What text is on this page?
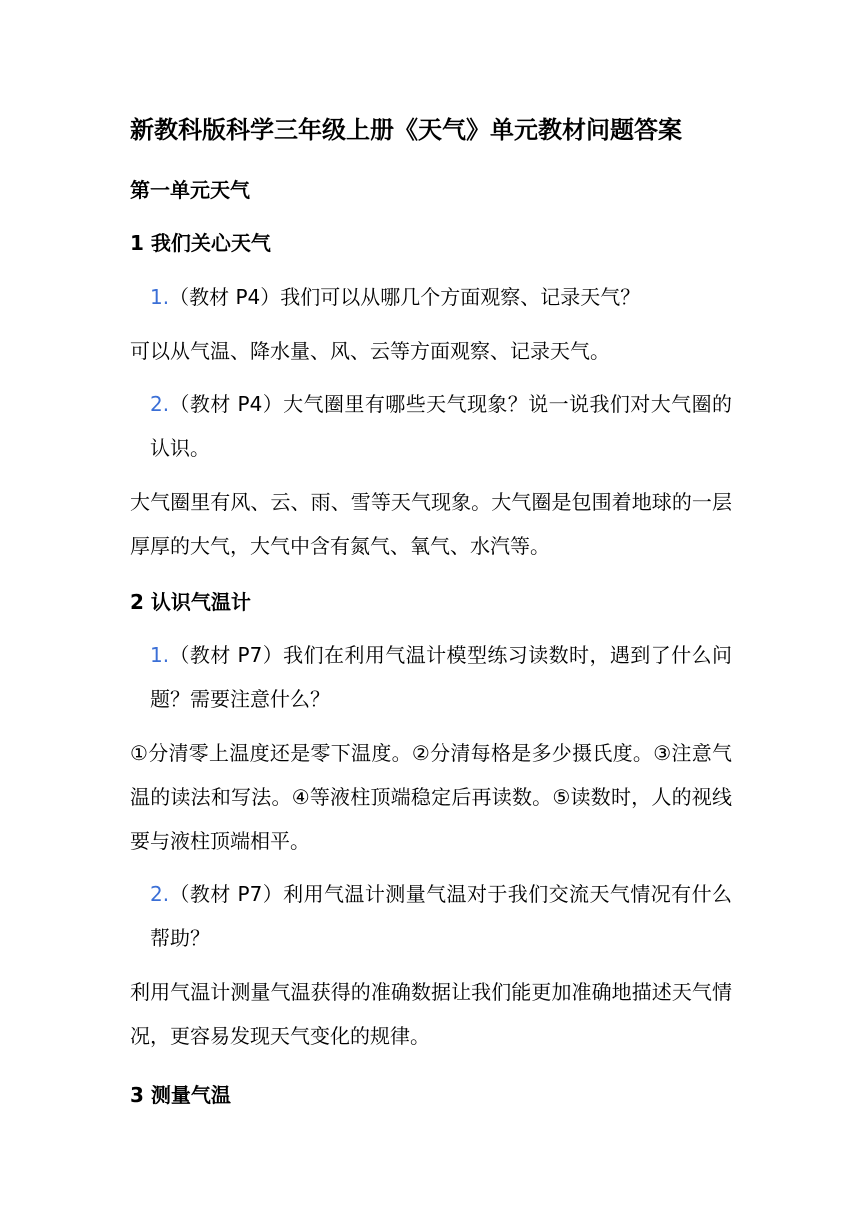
新教科版科学三年级上册《天气》单元教材问题答案
第一单元天气
1 我们关心天气

1.（教材 P4）我们可以从哪几个方面观察、记录天气？

可以从气温、降水量、风、云等方面观察、记录天气。

2.（教材 P4）大气圈里有哪些天气现象？说一说我们对大气圈的认识。

大气圈里有风、云、雨、雪等天气现象。大气圈是包围着地球的一层厚厚的大气，大气中含有氮气、氧气、水汽等。

2 认识气温计

1.（教材 P7）我们在利用气温计模型练习读数时，遇到了什么问题？需要注意什么？

①分清零上温度还是零下温度。②分清每格是多少摄氏度。③注意气温的读法和写法。④等液柱顶端稳定后再读数。⑤读数时，人的视线要与液柱顶端相平。

2.（教材 P7）利用气温计测量气温对于我们交流天气情况有什么帮助？

利用气温计测量气温获得的准确数据让我们能更加准确地描述天气情况，更容易发现天气变化的规律。

3 测量气温
